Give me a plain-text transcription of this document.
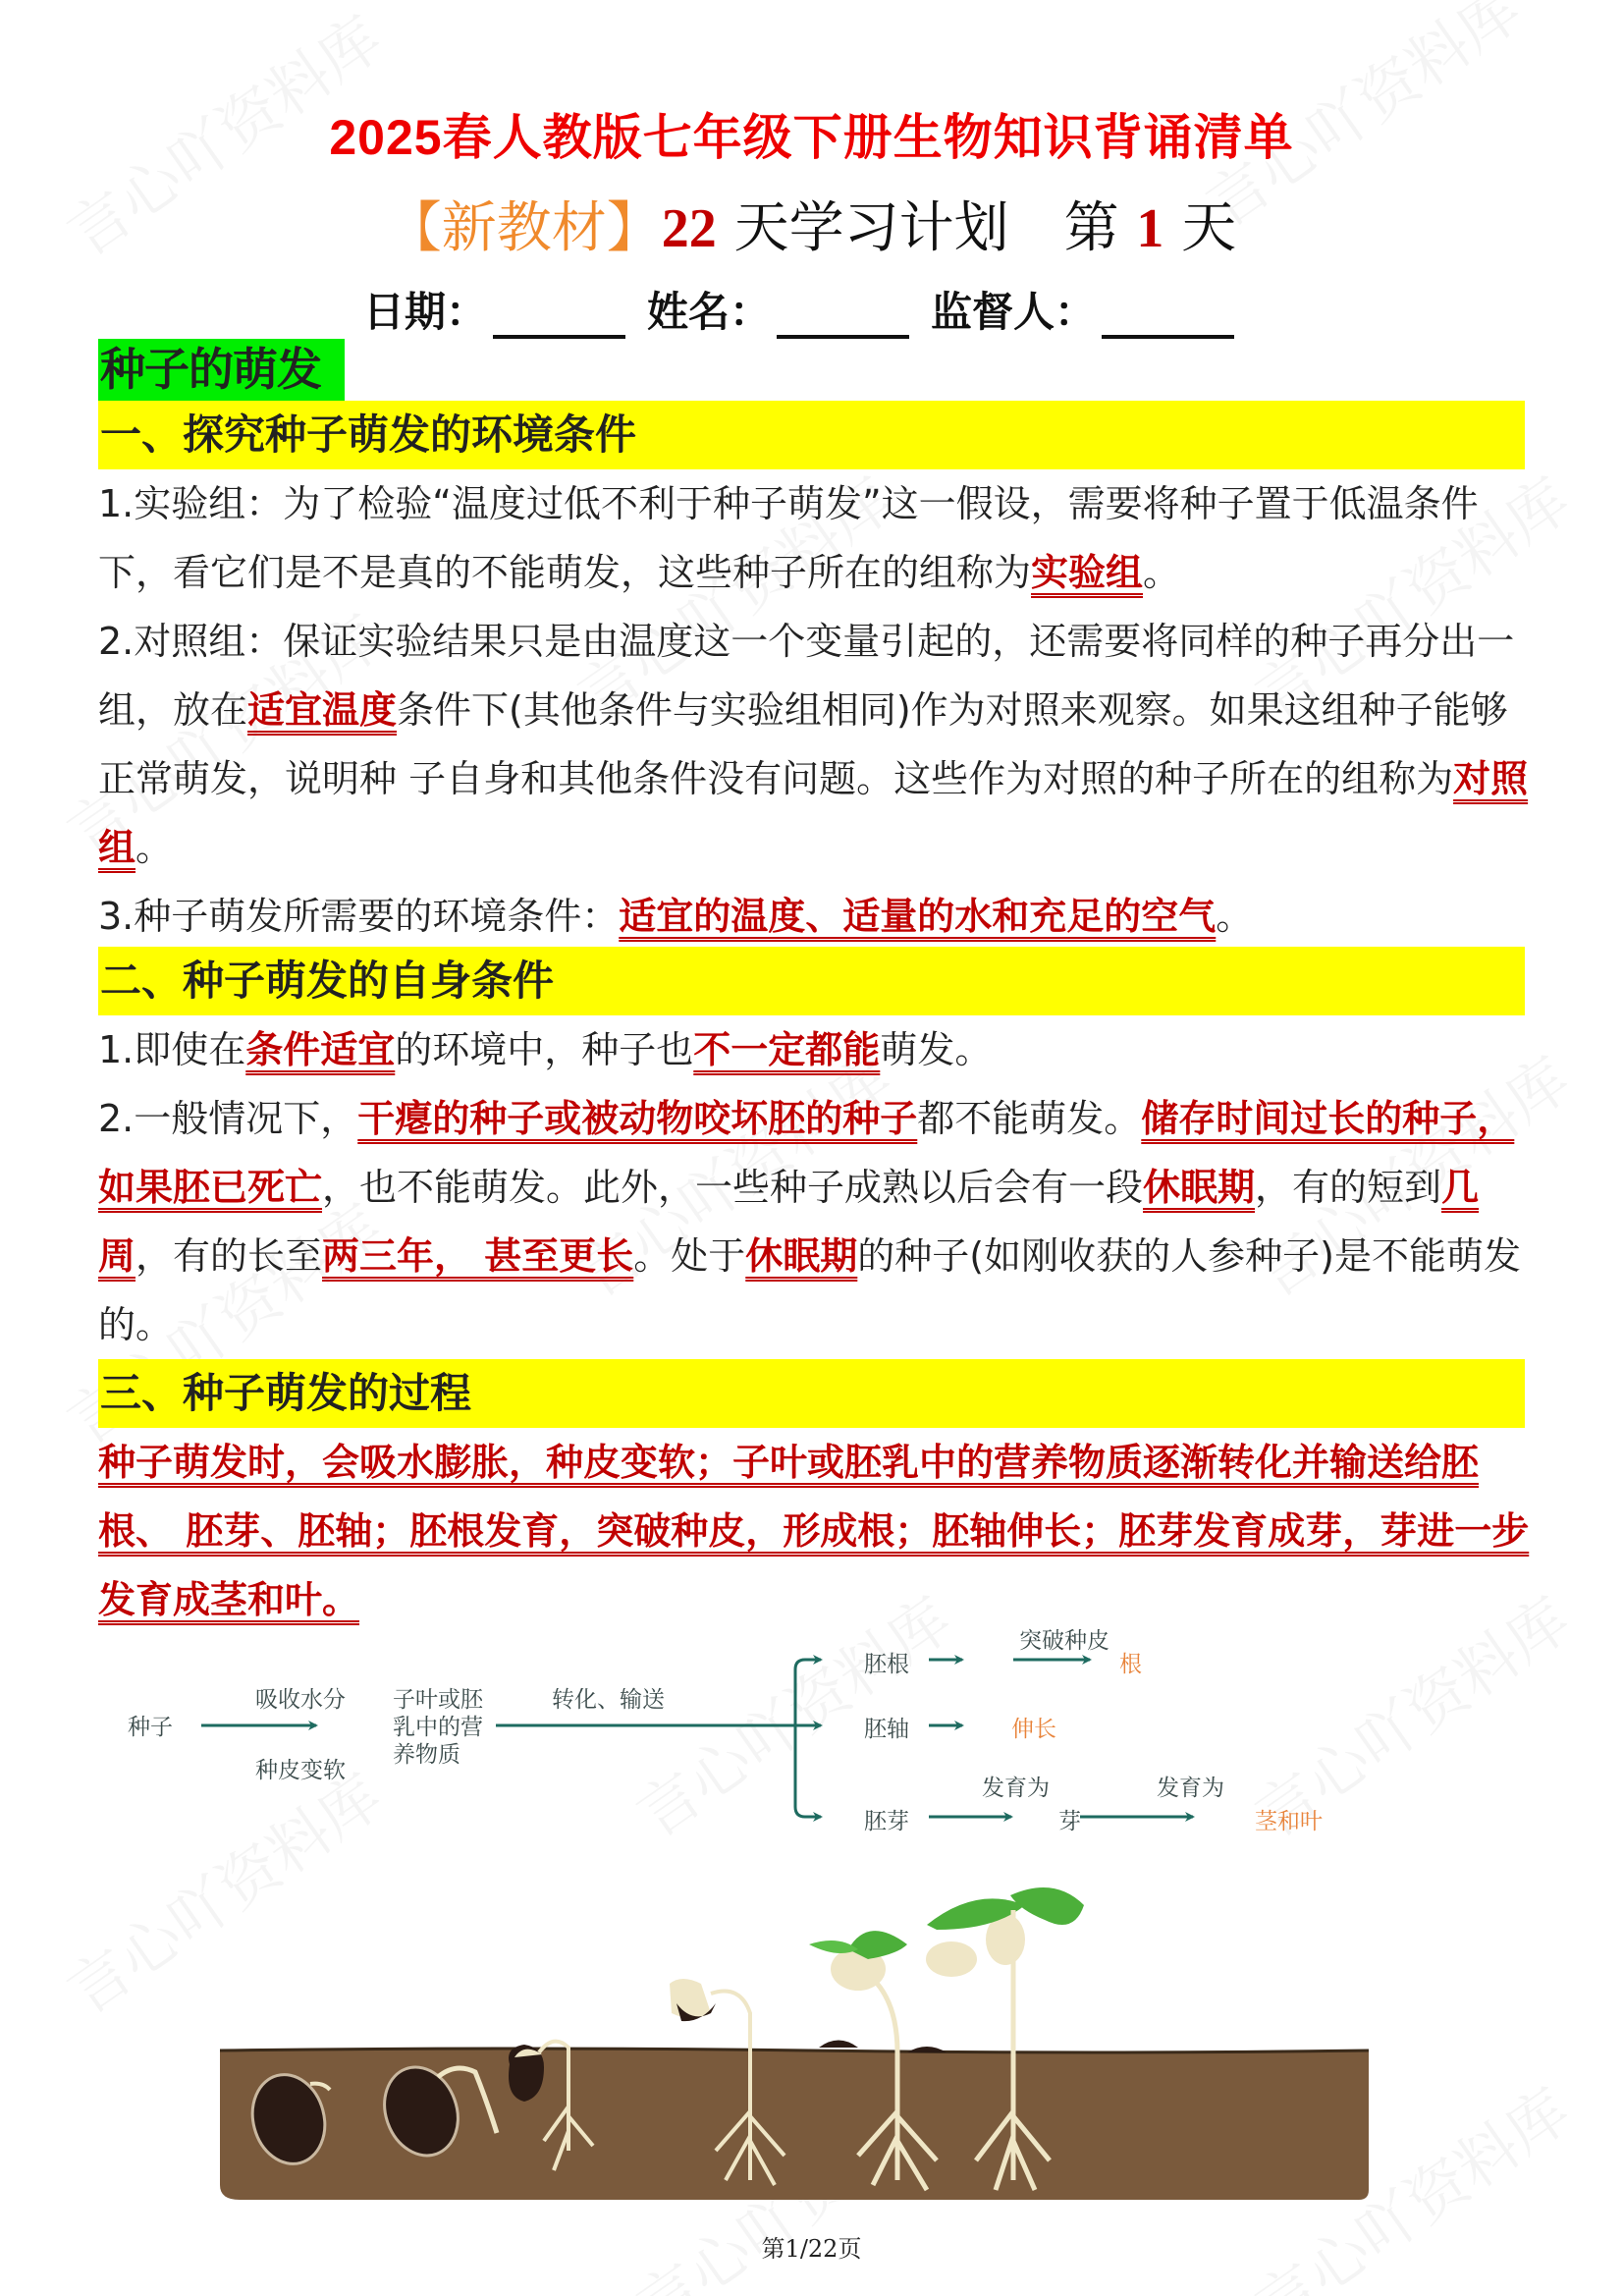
2025春人教版七年级下册生物知识背诵清单
【新教材】22 天学习计划 第 1 天
日期：	姓名：	监督人：
种子的萌发
一、探究种子萌发的环境条件

1.实验组：为了检验“温度过低不利于种子萌发”这一假设，需要将种子置于低温条件下，看它们是不是真的不能萌发，这些种子所在的组称为实验组。

2.对照组：保证实验结果只是由温度这一个变量引起的，还需要将同样的种子再分出一组，放在适宜温度条件下(其他条件与实验组相同)作为对照来观察。如果这组种子能够正常萌发，说明种 子自身和其他条件没有问题。这些作为对照的种子所在的组称为对照组。

3.种子萌发所需要的环境条件：适宜的温度、适量的水和充足的空气。

二、种子萌发的自身条件

1.即使在条件适宜的环境中，种子也不一定都能萌发。

2.一般情况下，干瘪的种子或被动物咬坏胚的种子都不能萌发。储存时间过长的种子，如果胚已死亡，也不能萌发。此外，一些种子成熟以后会有一段休眠期，有的短到几周，有的长至两三年， 甚至更长。处于休眠期的种子(如刚收获的人参种子)是不能萌发的。

三、种子萌发的过程

种子萌发时，会吸水膨胀，种皮变软；子叶或胚乳中的营养物质逐渐转化并输送给胚根、 胚芽、胚轴；胚根发育，突破种皮，形成根；胚轴伸长；胚芽发育成芽，芽进一步发育成茎和叶。

种子
吸收水分
种皮变软
子叶或胚
乳中的营
养物质
转化、输送
胚根
突破种皮
根
胚轴	伸长
胚芽
发育为
芽
发育为
茎和叶
第1/22页
